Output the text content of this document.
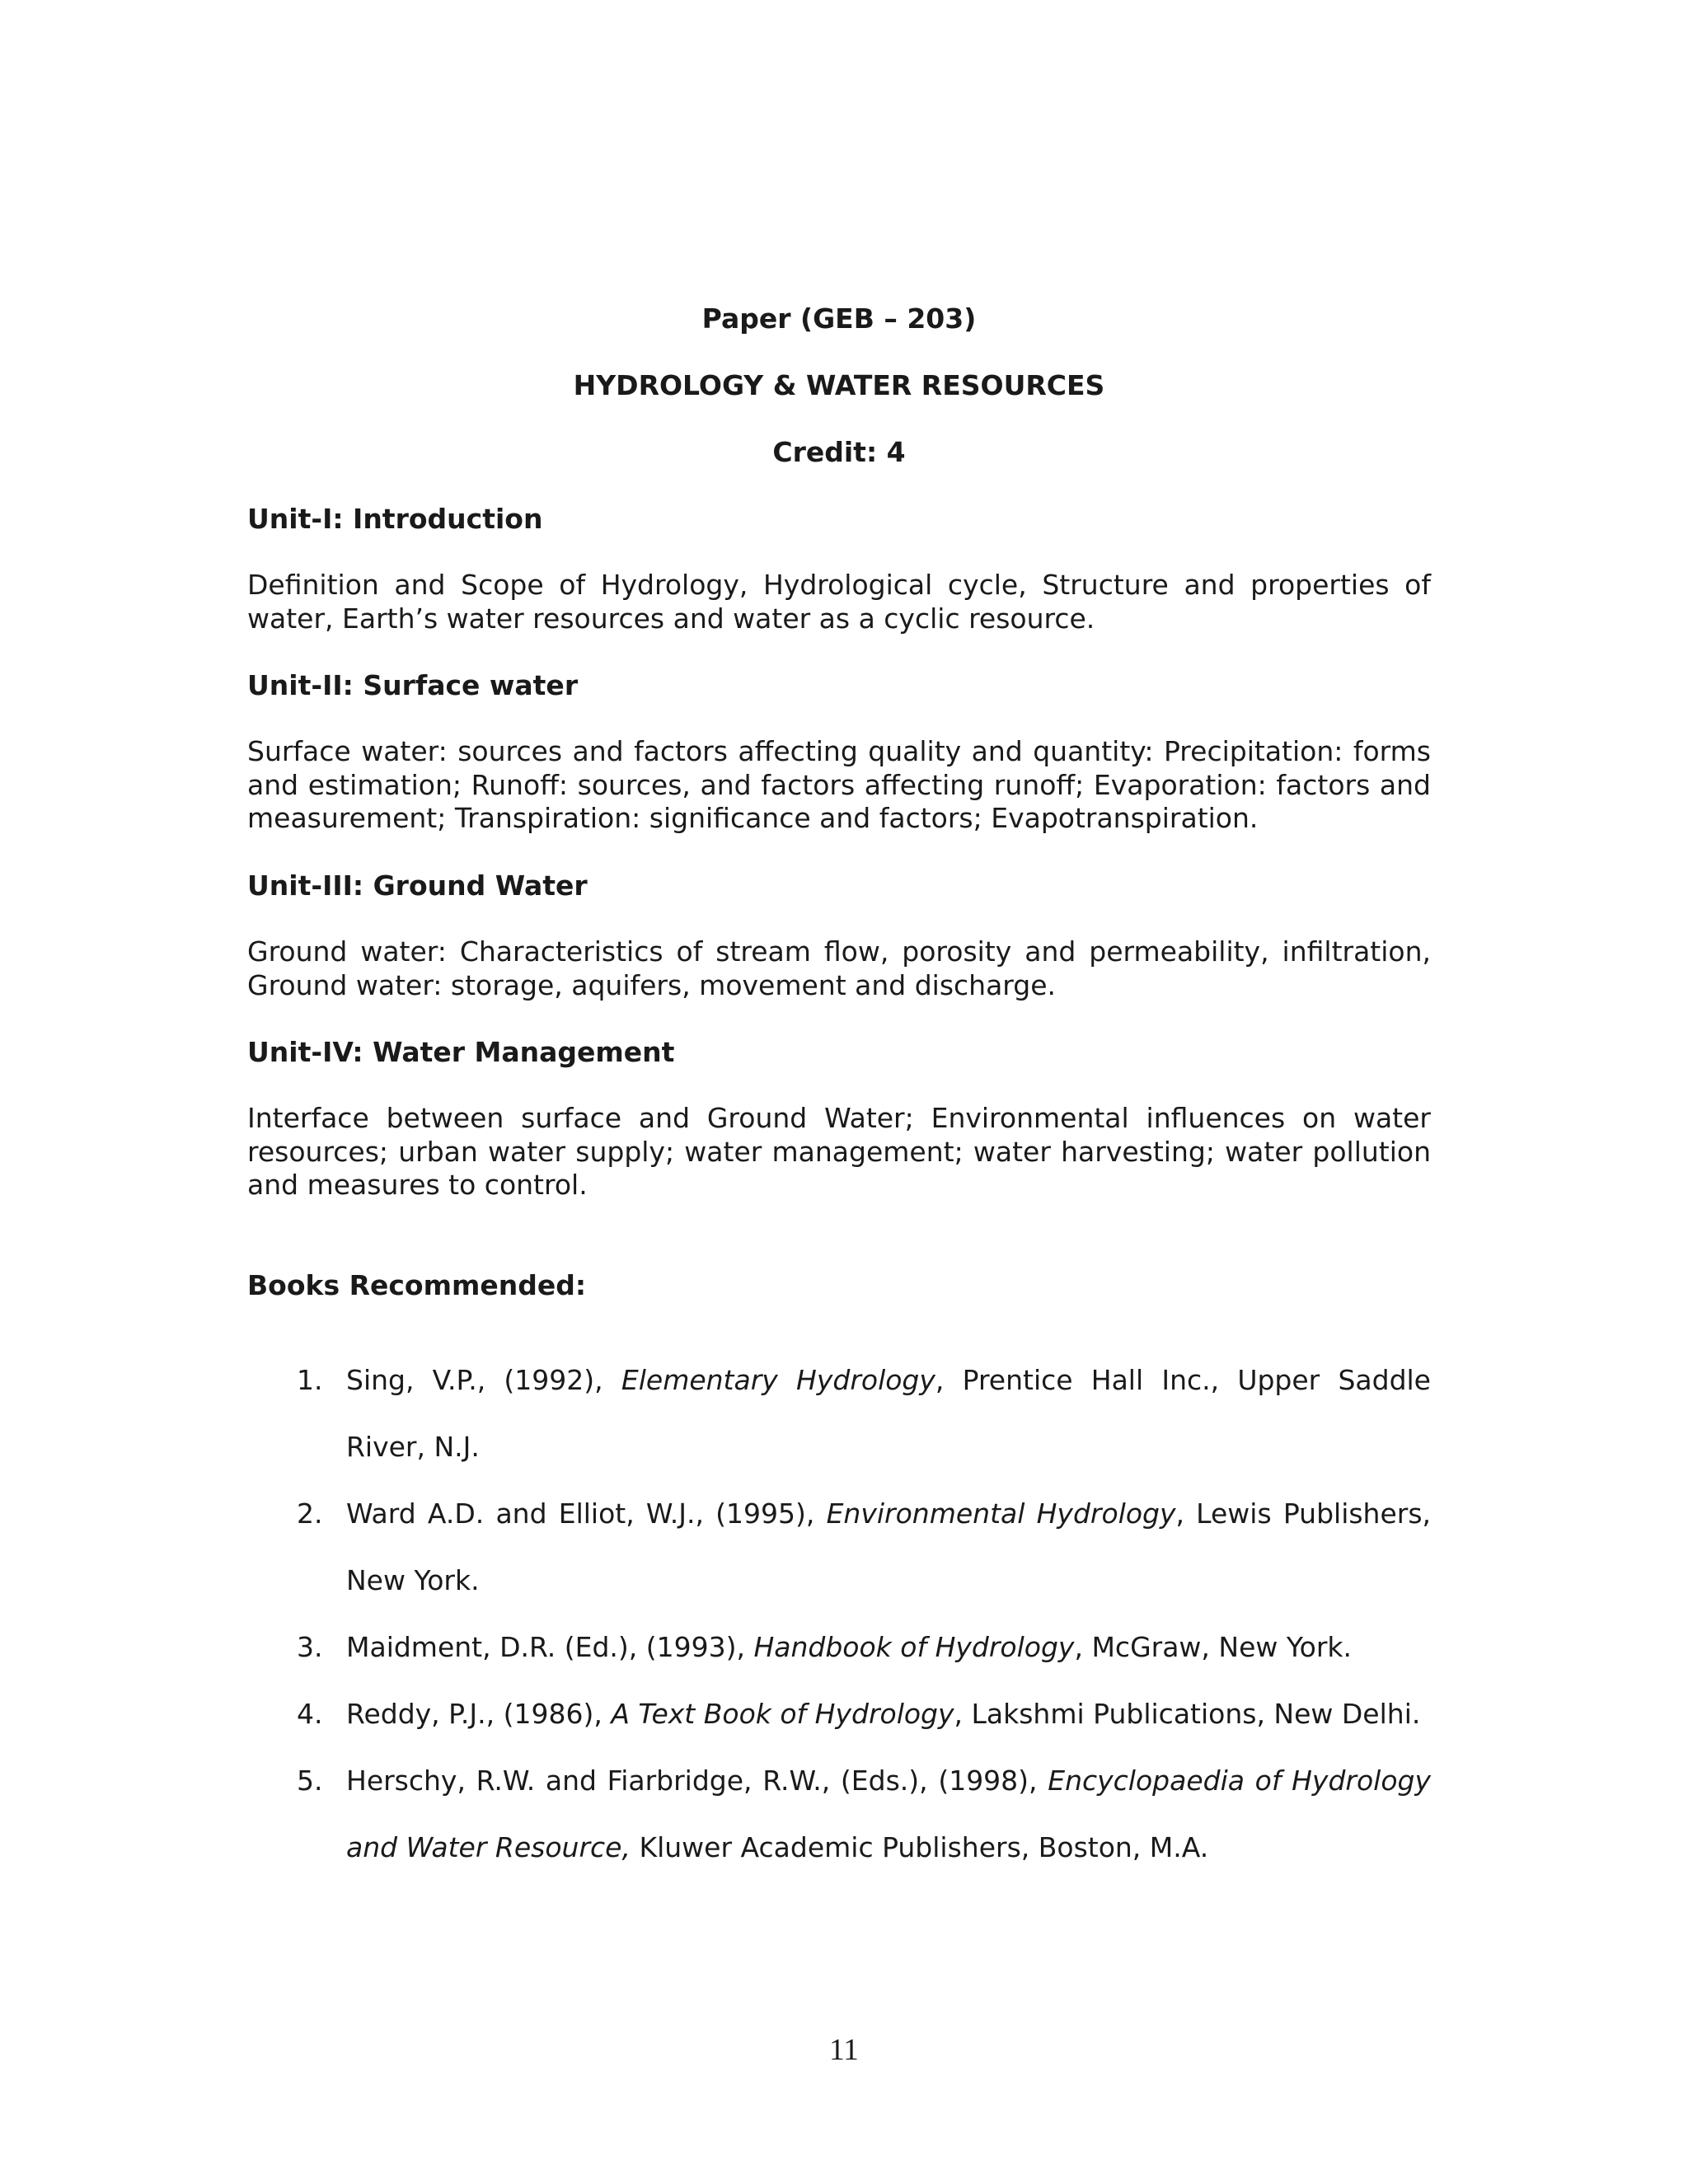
Paper (GEB – 203)

HYDROLOGY & WATER RESOURCES

Credit: 4

Unit-I: Introduction

Definition and Scope of Hydrology, Hydrological cycle, Structure and properties of water, Earth’s water resources and water as a cyclic resource.

Unit-II: Surface water

Surface water: sources and factors affecting quality and quantity: Precipitation: forms and estimation; Runoff: sources, and factors affecting runoff; Evaporation: factors and measurement; Transpiration: significance and factors; Evapotranspiration.

Unit-III: Ground Water

Ground water: Characteristics of stream flow, porosity and permeability, infiltration, Ground water: storage, aquifers, movement and discharge.

Unit-IV: Water Management

Interface between surface and Ground Water; Environmental influences on water resources; urban water supply; water management; water harvesting; water pollution and measures to control.

Books Recommended:

1. Sing, V.P., (1992), Elementary Hydrology, Prentice Hall Inc., Upper Saddle River, N.J.
2. Ward A.D. and Elliot, W.J., (1995), Environmental Hydrology, Lewis Publishers, New York.
3. Maidment, D.R. (Ed.), (1993), Handbook of Hydrology, McGraw, New York.
4. Reddy, P.J., (1986), A Text Book of Hydrology, Lakshmi Publications, New Delhi.
5. Herschy, R.W. and Fiarbridge, R.W., (Eds.), (1998), Encyclopaedia of Hydrology and Water Resource, Kluwer Academic Publishers, Boston, M.A.

11
